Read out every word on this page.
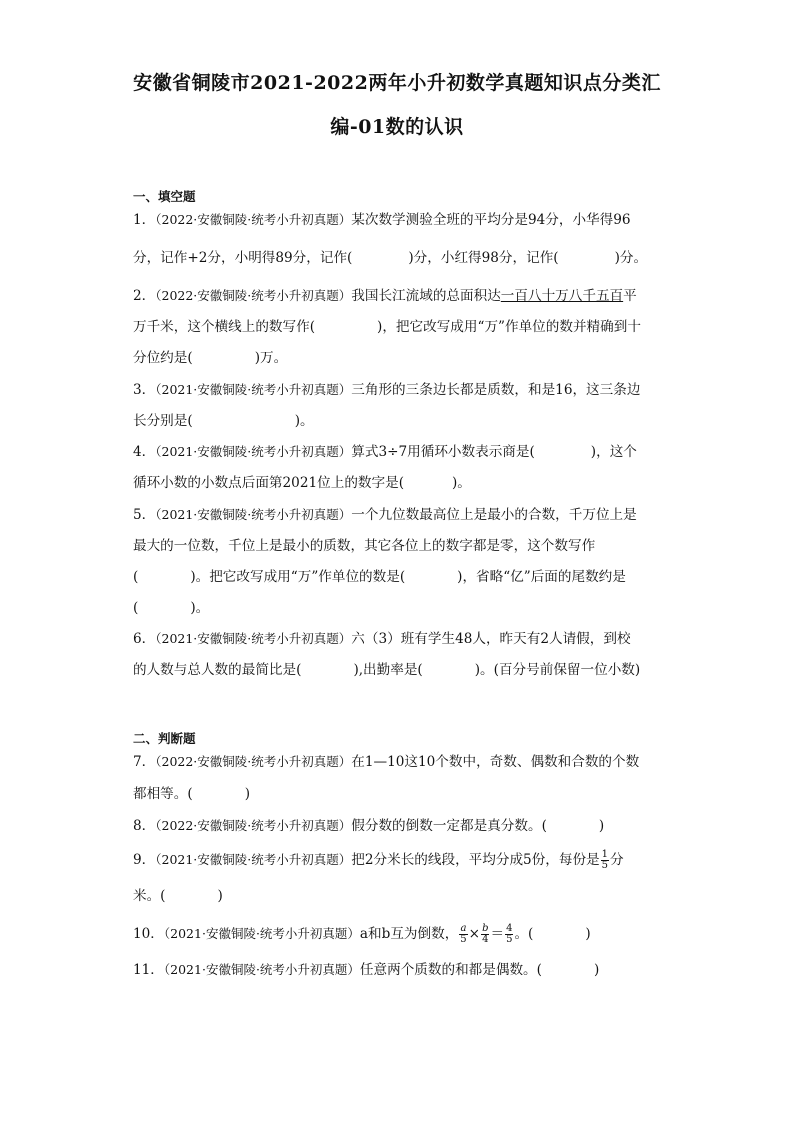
安徽省铜陵市2021-2022两年小升初数学真题知识点分类汇
编-01数的认识
一、填空题
1．（2022·安徽铜陵·统考小升初真题）某次数学测验全班的平均分是94分，小华得96
分，记作+2分，小明得89分，记作(	)分，小红得98分，记作(	)分。
2．（2022·安徽铜陵·统考小升初真题）我国长江流域的总面积达一百八十万八千五百平
万千米，这个横线上的数写作(	)，把它改写成用“万”作单位的数并精确到十
分位约是(	)万。
3．（2021·安徽铜陵·统考小升初真题）三角形的三条边长都是质数，和是16，这三条边
长分别是(	)。
4．（2021·安徽铜陵·统考小升初真题）算式3÷7用循环小数表示商是(	)，这个
循环小数的小数点后面第2021位上的数字是(	)。
5．（2021·安徽铜陵·统考小升初真题）一个九位数最高位上是最小的合数，千万位上是
最大的一位数，千位上是最小的质数，其它各位上的数字都是零，这个数写作
(	)。把它改写成用“万”作单位的数是(	)，省略“亿”后面的尾数约是
(	)。
6．（2021·安徽铜陵·统考小升初真题）六（3）班有学生48人，昨天有2人请假，到校
的人数与总人数的最简比是(	),出勤率是(	)。(百分号前保留一位小数)
二、判断题
7．（2022·安徽铜陵·统考小升初真题）在1—10这10个数中，奇数、偶数和合数的个数
都相等。(	)
8．（2022·安徽铜陵·统考小升初真题）假分数的倒数一定都是真分数。(	)
9．（2021·安徽铜陵·统考小升初真题）把2分米长的线段，平均分成5份，每份是 $\frac{1}{5}$ 分
米。(	)
10．（2021·安徽铜陵·统考小升初真题）a和b互为倒数， $\frac{a}{5} \times \frac{b}{4} = \frac{4}{5}$ 。(	)
11．（2021·安徽铜陵·统考小升初真题）任意两个质数的和都是偶数。(	)
